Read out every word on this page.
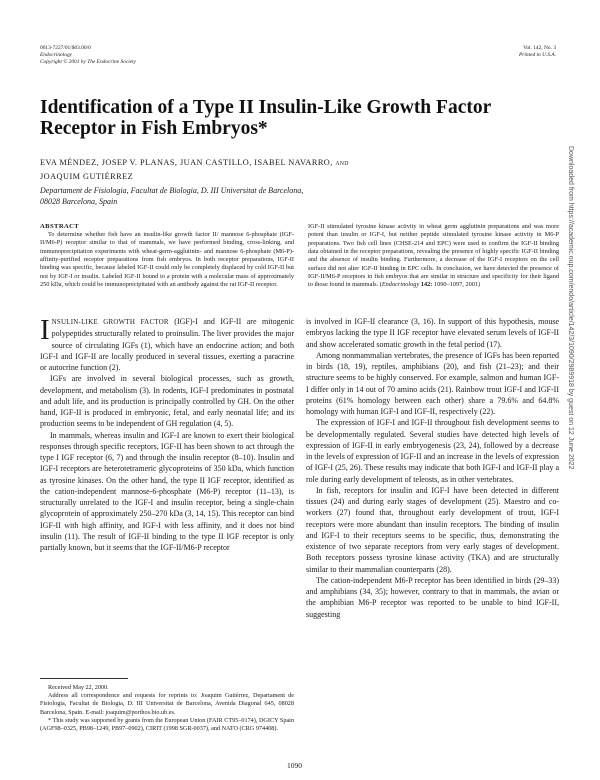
0013-7227/01/$03.00/0
Endocrinology
Copyright © 2001 by The Endocrine Society
Vol. 142, No. 3
Printed in U.S.A.
Identification of a Type II Insulin-Like Growth Factor Receptor in Fish Embryos*
EVA MÉNDEZ, JOSEP V. PLANAS, JUAN CASTILLO, ISABEL NAVARRO, AND
JOAQUIM GUTIÉRREZ
Departament de Fisiologia, Facultat de Biologia, D. III Universitat de Barcelona,
08028 Barcelona, Spain
ABSTRACT
To determine whether fish have an insulin-like growth factor II/ mannose 6-phosphate (IGF-II/M6-P) receptor similar to that of mammals, we have performed binding, cross-linking, and immunoprecipitation experiments with wheat-germ-agglutinin- and mannose 6-phosphate (M6-P)-affinity-purified receptor preparations from fish embryos. In both receptor preparations, IGF-II binding was specific, because labeled IGF-II could only be completely displaced by cold IGF-II but not by IGF-I or insulin. Labeled IGF-II bound to a protein with a molecular mass of approximately 250 kDa, which could be immunoprecipitated with an antibody against the rat IGF-II receptor.
IGF-II stimulated tyrosine kinase activity in wheat germ agglutinin preparations and was more potent than insulin or IGF-I, but neither peptide stimulated tyrosine kinase activity in M6-P preparations. Two fish cell lines (CHSE-214 and EPC) were used to confirm the IGF-II binding data obtained in the receptor preparations, revealing the presence of highly specific IGF-II binding and the absence of insulin binding. Furthermore, a decrease of the IGF-I receptors on the cell surface did not alter IGF-II binding in EPC cells. In conclusion, we have detected the presence of IGF-II/M6-P receptors in fish embryos that are similar in structure and specificity for their ligand to those found in mammals. (Endocrinology 142: 1090–1097, 2001)

INSULIN-LIKE GROWTH FACTOR (IGF)-I and IGF-II are mitogenic polypeptides structurally related to proinsulin. The liver provides the major source of circulating IGFs (1), which have an endocrine action; and both IGF-I and IGF-II are locally produced in several tissues, exerting a paracrine or autocrine function (2).

IGFs are involved in several biological processes, such as growth, development, and metabolism (3). In rodents, IGF-I predominates in postnatal and adult life, and its production is principally controlled by GH. On the other hand, IGF-II is produced in embryonic, fetal, and early neonatal life; and its production seems to be independent of GH regulation (4, 5).

In mammals, whereas insulin and IGF-I are known to exert their biological responses through specific receptors, IGF-II has been shown to act through the type I IGF receptor (6, 7) and through the insulin receptor (8–10). Insulin and IGF-I receptors are heterotetrameric glycoproteins of 350 kDa, which function as tyrosine kinases. On the other hand, the type II IGF receptor, identified as the cation-independent mannose-6-phosphate (M6-P) receptor (11–13), is structurally unrelated to the IGF-I and insulin receptor, being a single-chain glycoprotein of approximately 250–270 kDa (3, 14, 15). This receptor can bind IGF-II with high affinity, and IGF-I with less affinity, and it does not bind insulin (11). The result of IGF-II binding to the type II IGF receptor is only partially known, but it seems that the IGF-II/M6-P receptor

is involved in IGF-II clearance (3, 16). In support of this hypothesis, mouse embryos lacking the type II IGF receptor have elevated serum levels of IGF-II and show accelerated somatic growth in the fetal period (17).

Among nonmammalian vertebrates, the presence of IGFs has been reported in birds (18, 19), reptiles, amphibians (20), and fish (21–23); and their structure seems to be highly conserved. For example, salmon and human IGF-I differ only in 14 out of 70 amino acids (21). Rainbow trout IGF-I and IGF-II proteins (61% homology between each other) share a 79.6% and 64.8% homology with human IGF-I and IGF-II, respectively (22).

The expression of IGF-I and IGF-II throughout fish development seems to be developmentally regulated. Several studies have detected high levels of expression of IGF-II in early embryogenesis (23, 24), followed by a decrease in the levels of expression of IGF-II and an increase in the levels of expression of IGF-I (25, 26). These results may indicate that both IGF-I and IGF-II play a role during early development of teleosts, as in other vertebrates.

In fish, receptors for insulin and IGF-I have been detected in different tissues (24) and during early stages of development (25). Maestro and co-workers (27) found that, throughout early development of trout, IGF-I receptors were more abundant than insulin receptors. The binding of insulin and IGF-I to their receptors seems to be specific, thus, demonstrating the existence of two separate receptors from very early stages of development. Both receptors possess tyrosine kinase activity (TKA) and are structurally similar to their mammalian counterparts (28).

The cation-independent M6-P receptor has been identified in birds (29–33) and amphibians (34, 35); however, contrary to that in mammals, the avian or the amphibian M6-P receptor was reported to be unable to bind IGF-II, suggesting

Received May 22, 2000.

Address all correspondence and requests for reprints to: Joaquim Gutiérrez, Departament de Fisiologia, Facultat de Biologia, D. III Universitat de Barcelona, Avenida Diagonal 645, 08028 Barcelona, Spain. E-mail: joaquim@porthos.bio.ub.es.

* This study was supported by grants from the European Union (FAIR CT95–0174), DGICY Spain (AGF98–0325, PB98–1249, PB97–0902), CIRIT (1998 SGR-0037), and NATO (CRG 974408).

1090
Downloaded from https://academic.oup.com/endo/article/142/3/1090/2989918 by guest on 12 June 2022
